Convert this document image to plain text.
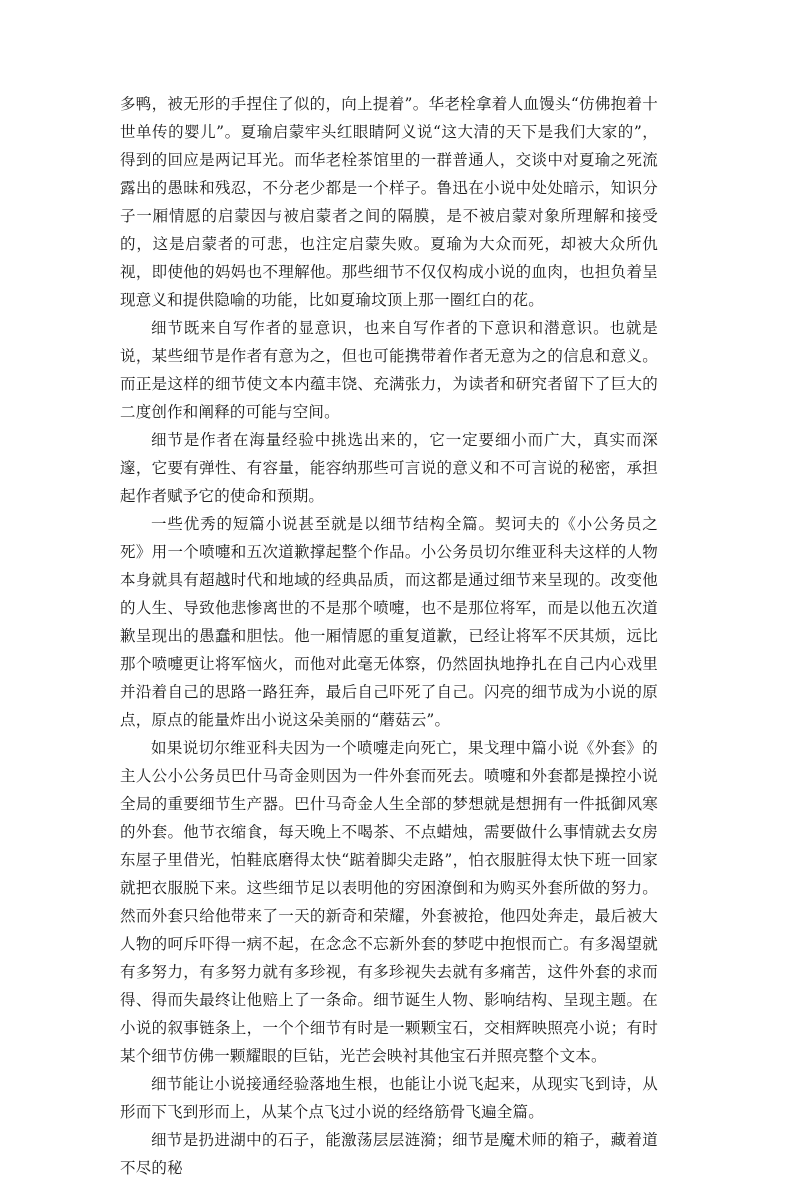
多鸭，被无形的手捏住了似的，向上提着”。华老栓拿着人血馒头“仿佛抱着十世单传的婴儿”。夏瑜启蒙牢头红眼睛阿义说“这大清的天下是我们大家的”，得到的回应是两记耳光。而华老栓茶馆里的一群普通人，交谈中对夏瑜之死流露出的愚昧和残忍，不分老少都是一个样子。鲁迅在小说中处处暗示，知识分子一厢情愿的启蒙因与被启蒙者之间的隔膜，是不被启蒙对象所理解和接受的，这是启蒙者的可悲，也注定启蒙失败。夏瑜为大众而死，却被大众所仇视，即使他的妈妈也不理解他。那些细节不仅仅构成小说的血肉，也担负着呈现意义和提供隐喻的功能，比如夏瑜坟顶上那一圈红白的花。

细节既来自写作者的显意识，也来自写作者的下意识和潜意识。也就是说，某些细节是作者有意为之，但也可能携带着作者无意为之的信息和意义。而正是这样的细节使文本内蕴丰饶、充满张力，为读者和研究者留下了巨大的二度创作和阐释的可能与空间。

细节是作者在海量经验中挑选出来的，它一定要细小而广大，真实而深邃，它要有弹性、有容量，能容纳那些可言说的意义和不可言说的秘密，承担起作者赋予它的使命和预期。

一些优秀的短篇小说甚至就是以细节结构全篇。契诃夫的《小公务员之死》用一个喷嚏和五次道歉撑起整个作品。小公务员切尔维亚科夫这样的人物本身就具有超越时代和地域的经典品质，而这都是通过细节来呈现的。改变他的人生、导致他悲惨离世的不是那个喷嚏，也不是那位将军，而是以他五次道歉呈现出的愚蠢和胆怯。他一厢情愿的重复道歉，已经让将军不厌其烦，远比那个喷嚏更让将军恼火，而他对此毫无体察，仍然固执地挣扎在自己内心戏里并沿着自己的思路一路狂奔，最后自己吓死了自己。闪亮的细节成为小说的原点，原点的能量炸出小说这朵美丽的“蘑菇云”。

如果说切尔维亚科夫因为一个喷嚏走向死亡，果戈理中篇小说《外套》的主人公小公务员巴什马奇金则因为一件外套而死去。喷嚏和外套都是操控小说全局的重要细节生产器。巴什马奇金人生全部的梦想就是想拥有一件抵御风寒的外套。他节衣缩食，每天晚上不喝茶、不点蜡烛，需要做什么事情就去女房东屋子里借光，怕鞋底磨得太快“踮着脚尖走路”，怕衣服脏得太快下班一回家就把衣服脱下来。这些细节足以表明他的穷困潦倒和为购买外套所做的努力。然而外套只给他带来了一天的新奇和荣耀，外套被抢，他四处奔走，最后被大人物的呵斥吓得一病不起，在念念不忘新外套的梦呓中抱恨而亡。有多渴望就有多努力，有多努力就有多珍视，有多珍视失去就有多痛苦，这件外套的求而得、得而失最终让他赔上了一条命。细节诞生人物、影响结构、呈现主题。在小说的叙事链条上，一个个细节有时是一颗颗宝石，交相辉映照亮小说；有时某个细节仿佛一颗耀眼的巨钻，光芒会映衬其他宝石并照亮整个文本。

细节能让小说接通经验落地生根，也能让小说飞起来，从现实飞到诗，从形而下飞到形而上，从某个点飞过小说的经络筋骨飞遍全篇。

细节是扔进湖中的石子，能激荡层层涟漪；细节是魔术师的箱子，藏着道不尽的秘
